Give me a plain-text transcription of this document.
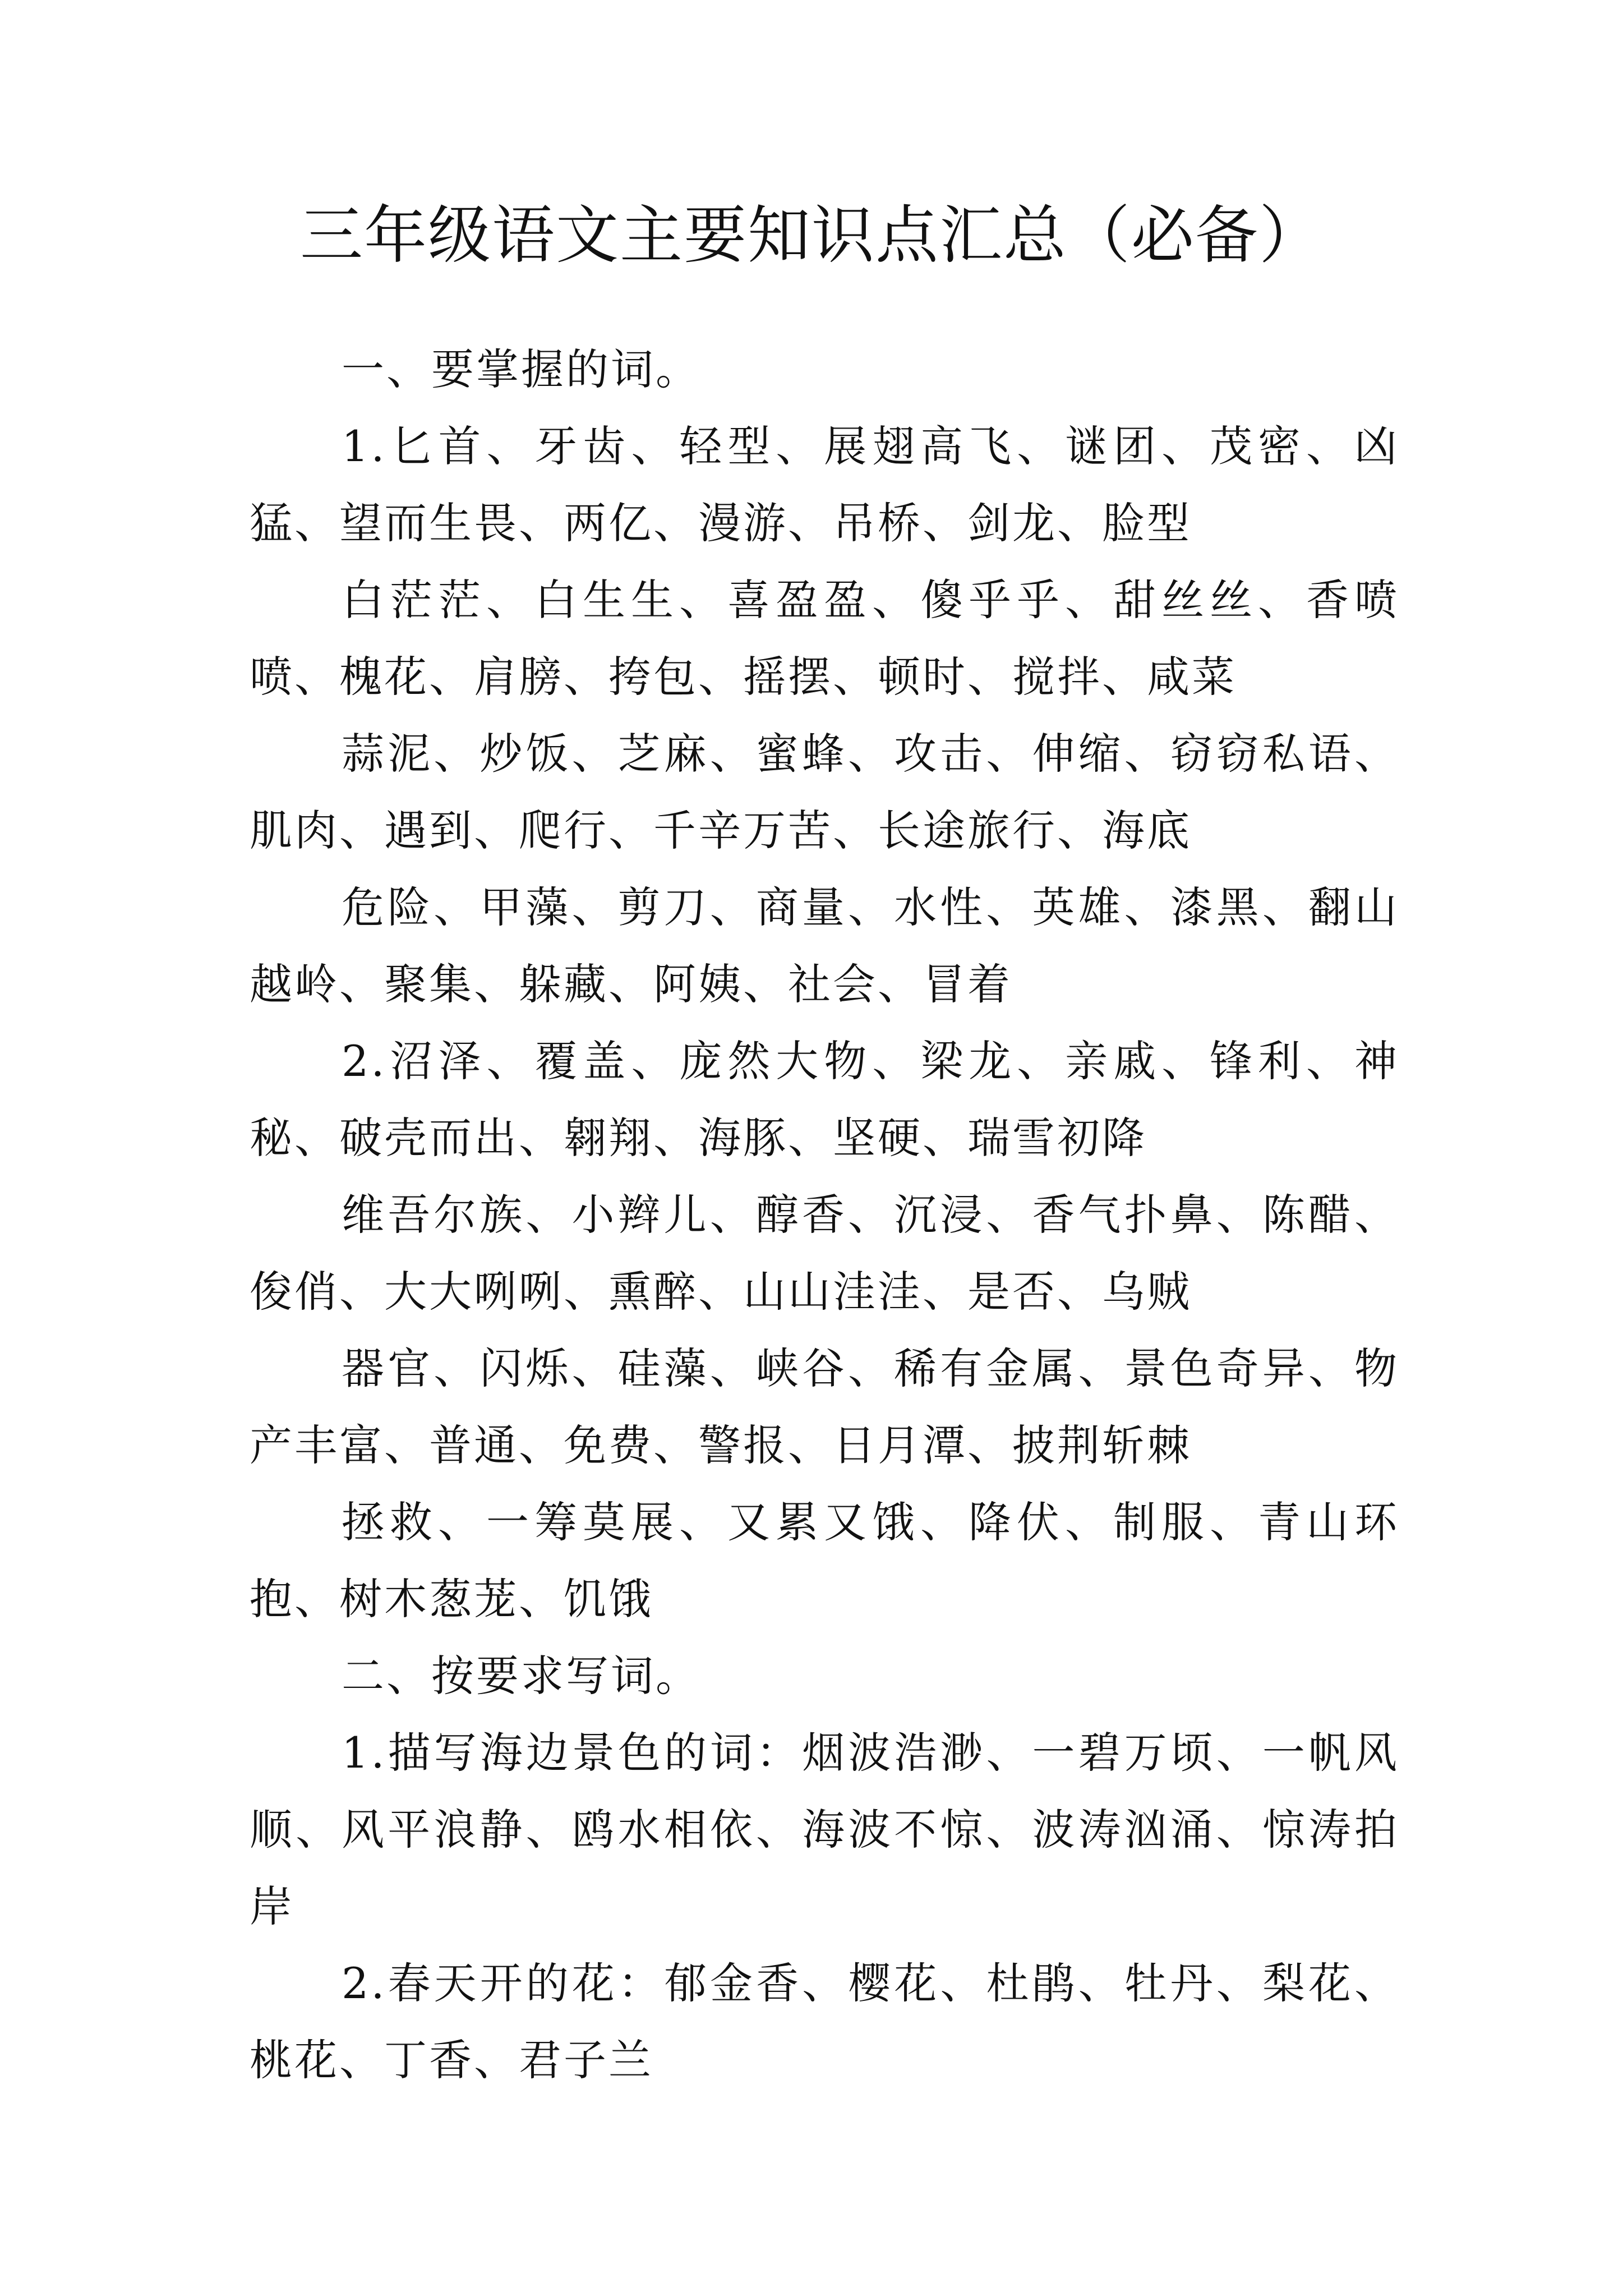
三年级语文主要知识点汇总（必备）

一、要掌握的词。

1.匕首、牙齿、轻型、展翅高飞、谜团、茂密、凶猛、望而生畏、两亿、漫游、吊桥、剑龙、脸型

白茫茫、白生生、喜盈盈、傻乎乎、甜丝丝、香喷喷、槐花、肩膀、挎包、摇摆、顿时、搅拌、咸菜

蒜泥、炒饭、芝麻、蜜蜂、攻击、伸缩、窃窃私语、肌肉、遇到、爬行、千辛万苦、长途旅行、海底

危险、甲藻、剪刀、商量、水性、英雄、漆黑、翻山越岭、聚集、躲藏、阿姨、社会、冒着

2.沼泽、覆盖、庞然大物、梁龙、亲戚、锋利、神秘、破壳而出、翱翔、海豚、坚硬、瑞雪初降

维吾尔族、小辫儿、醇香、沉浸、香气扑鼻、陈醋、俊俏、大大咧咧、熏醉、山山洼洼、是否、乌贼

器官、闪烁、硅藻、峡谷、稀有金属、景色奇异、物产丰富、普通、免费、警报、日月潭、披荆斩棘

拯救、一筹莫展、又累又饿、降伏、制服、青山环抱、树木葱茏、饥饿

二、按要求写词。

1.描写海边景色的词：烟波浩渺、一碧万顷、一帆风顺、风平浪静、鸥水相依、海波不惊、波涛汹涌、惊涛拍岸

2.春天开的花：郁金香、樱花、杜鹃、牡丹、梨花、桃花、丁香、君子兰
